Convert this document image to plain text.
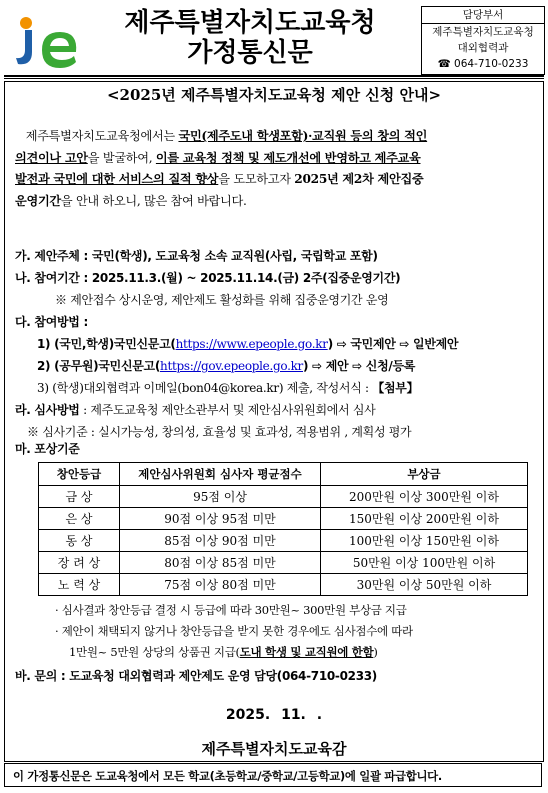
제주특별자치도교육청
가정통신문
담당부서
제주특별자치도교육청
대외협력과
☎ 064-710-0233
<2025년 제주특별자치도교육청 제안 신청 안내>
제주특별자치도교육청에서는 국민(제주도내 학생포함)·교직원 등의 창의 적인
의견이나 고안을 발굴하여, 이를 교육청 정책 및 제도개선에 반영하고 제주교육
발전과 국민에 대한 서비스의 질적 향상을 도모하고자 2025년 제2차 제안집중
운영기간을 안내 하오니, 많은 참여 바랍니다.
가. 제안주체 : 국민(학생), 도교육청 소속 교직원(사립, 국립학교 포함)
나. 참여기간 : 2025.11.3.(월) ~ 2025.11.14.(금) 2주(집중운영기간)
※ 제안접수 상시운영, 제안제도 활성화를 위해 집중운영기간 운영
다. 참여방법 :
1) (국민,학생)국민신문고(https://www.epeople.go.kr) ⇨ 국민제안 ⇨ 일반제안
2) (공무원)국민신문고(https://gov.epeople.go.kr) ⇨ 제안 ⇨ 신청/등록
3) (학생)대외협력과 이메일(bon04@korea.kr) 제출, 작성서식 : 【첨부】
라. 심사방법 : 제주도교육청 제안소관부서 및 제안심사위원회에서 심사
※ 심사기준 : 실시가능성, 창의성, 효율성 및 효과성, 적용범위 , 계획성 평가
마. 포상기준
창안등급	제안심사위원회 심사자 평균점수	부상금
금 상	95점 이상	200만원 이상 300만원 이하
은 상	90점 이상 95점 미만	150만원 이상 200만원 이하
동 상	85점 이상 90점 미만	100만원 이상 150만원 이하
장 려 상	80점 이상 85점 미만	50만원 이상 100만원 이하
노 력 상	75점 이상 80점 미만	30만원 이상 50만원 이하
· 심사결과 창안등급 결정 시 등급에 따라 30만원~ 300만원 부상금 지급
· 제안이 채택되지 않거나 창안등급을 받지 못한 경우에도 심사점수에 따라
1만원~ 5만원 상당의 상품권 지급(도내 학생 및 교직원에 한함)
바. 문의 : 도교육청 대외협력과 제안제도 운영 담당(064-710-0233)
2025. 11. .
제주특별자치도교육감
이 가정통신문은 도교육청에서 모든 학교(초등학교/중학교/고등학교)에 일괄 파급합니다.
